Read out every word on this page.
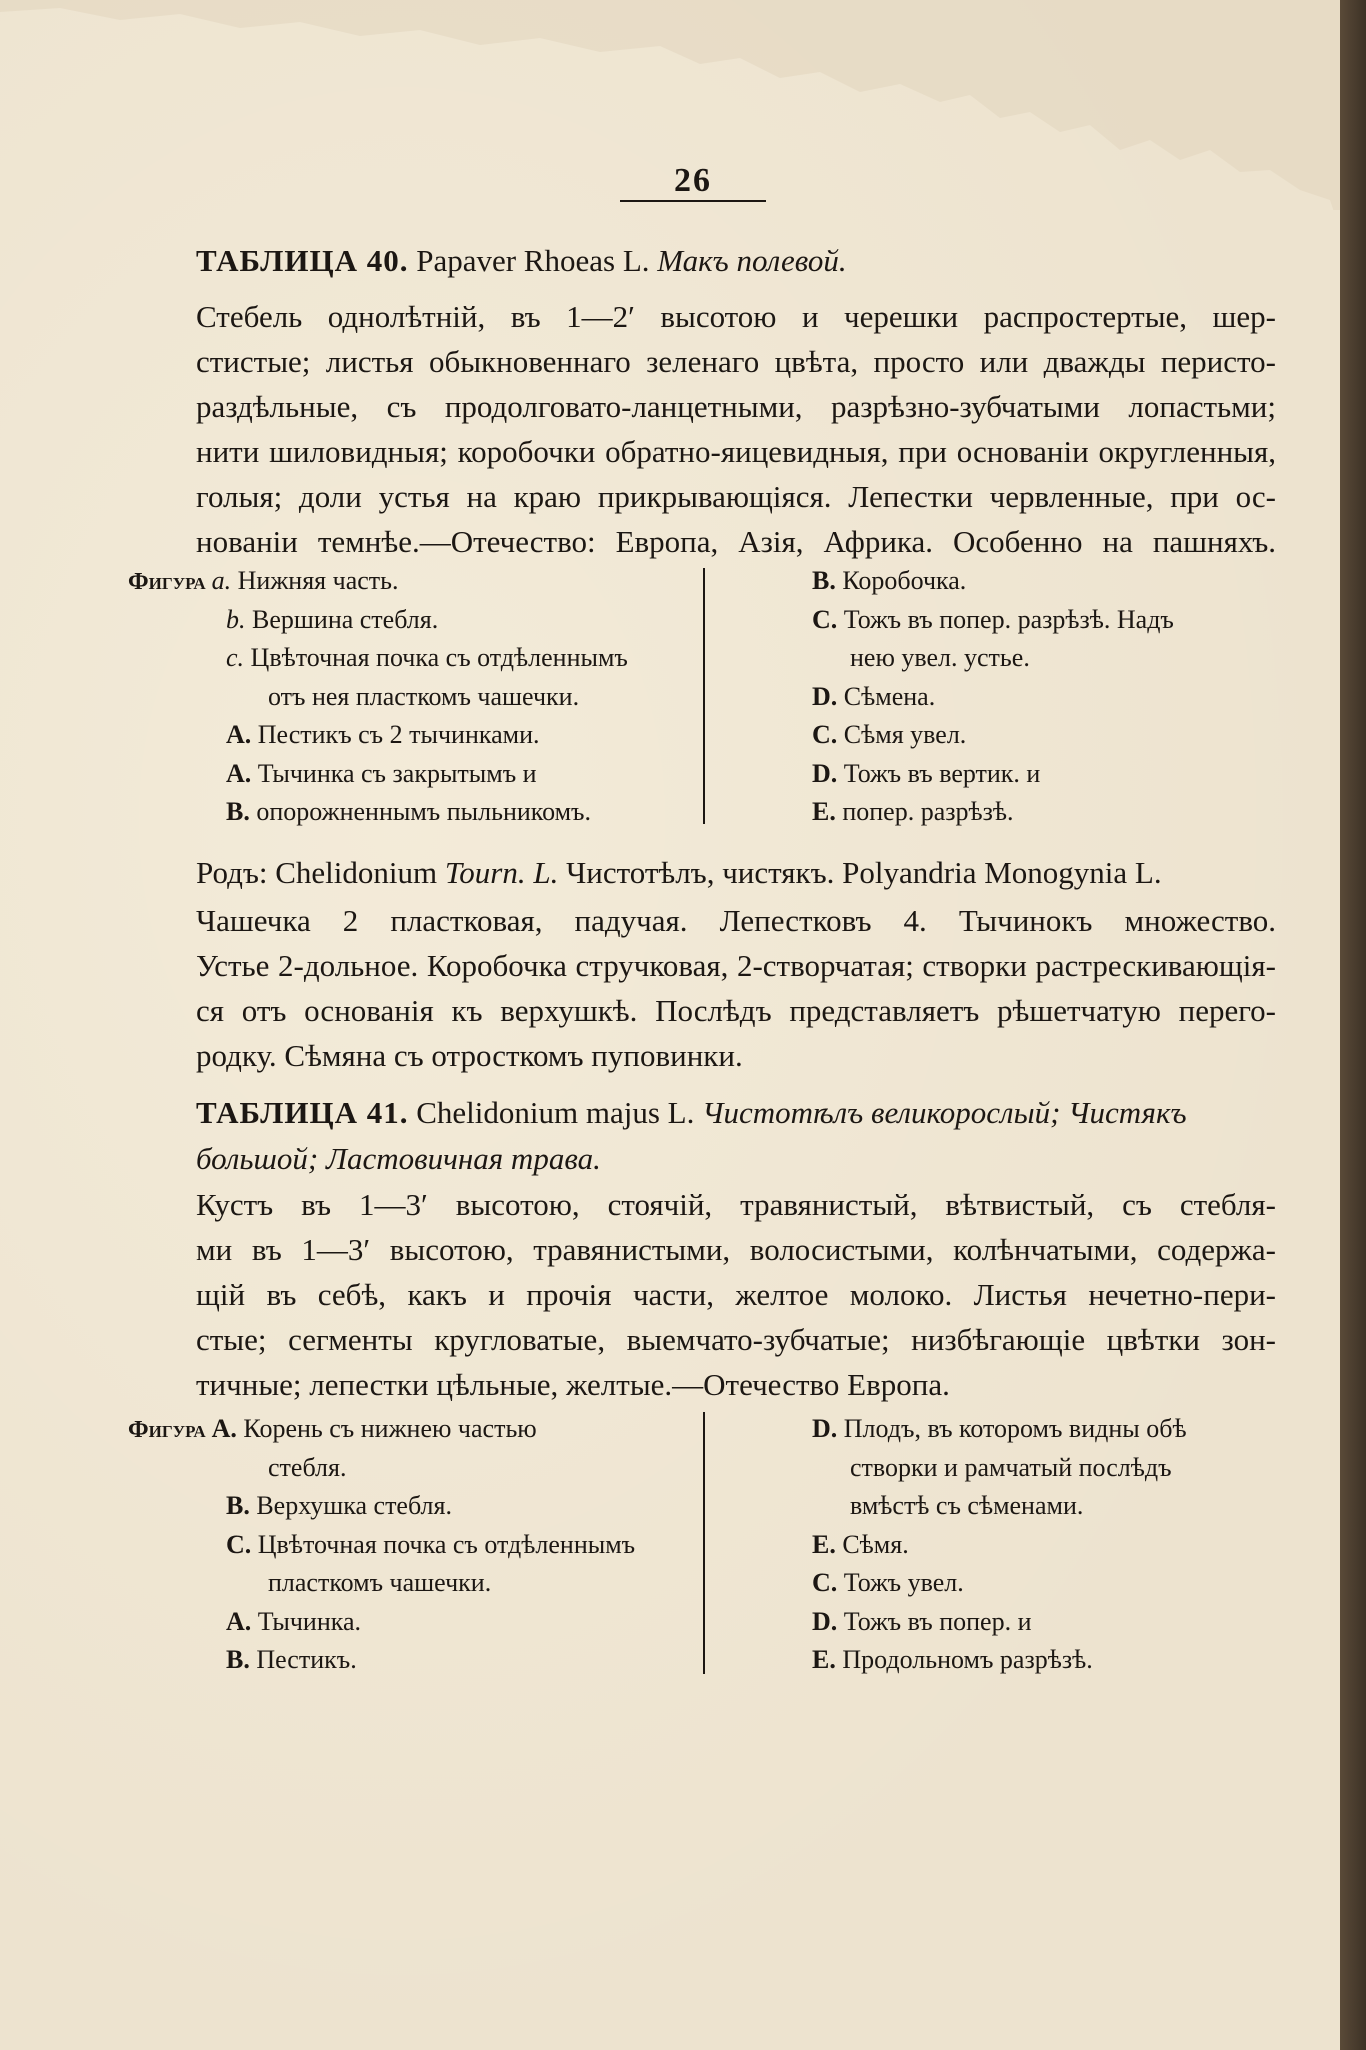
26
ТАБЛИЦА 40. Papaver Rhoeas L. Макъ полевой.
Стебель однолѣтній, въ 1—2′ высотою и черешки распростертые, шер-
стистые; листья обыкновеннаго зеленаго цвѣта, просто или дважды перисто-
раздѣльные, съ продолговато-ланцетными, разрѣзно-зубчатыми лопастьми;
нити шиловидныя; коробочки обратно-яицевидныя, при основаніи округленныя,
голыя; доли устья на краю прикрывающіяся. Лепестки червленные, при ос-
нованіи темнѣе.—Отечество: Европа, Азія, Африка. Особенно на пашняхъ.
Фигура a. Нижняя часть.
b. Вершина стебля.
c. Цвѣточная почка съ отдѣленнымъ
отъ нея пласткомъ чашечки.
A. Пестикъ съ 2 тычинками.
A. Тычинка съ закрытымъ и
B. опорожненнымъ пыльникомъ.
B. Коробочка.
C. Тожъ въ попер. разрѣзѣ. Надъ
нею увел. устье.
D. Сѣмена.
C. Сѣмя увел.
D. Тожъ въ вертик. и
E. попер. разрѣзѣ.
Родъ: Chelidonium Tourn. L. Чистотѣлъ, чистякъ. Polyandria Monogynia L.
Чашечка 2 пластковая, падучая. Лепестковъ 4. Тычинокъ множество.
Устье 2-дольное. Коробочка стручковая, 2-створчатая; створки растрескивающія-
ся отъ основанія къ верхушкѣ. Послѣдъ представляетъ рѣшетчатую перего-
родку. Сѣмяна съ отросткомъ пуповинки.
ТАБЛИЦА 41. Chelidonium majus L. Чистотѣлъ великорослый; Чистякъ
большой; Ластовичная трава.
Кустъ въ 1—3′ высотою, стоячій, травянистый, вѣтвистый, съ стебля-
ми въ 1—3′ высотою, травянистыми, волосистыми, колѣнчатыми, содержа-
щій въ себѣ, какъ и прочія части, желтое молоко. Листья нечетно-пери-
стые; сегменты кругловатые, выемчато-зубчатые; низбѣгающіе цвѣтки зон-
тичные; лепестки цѣльные, желтые.—Отечество Европа.
Фигура A. Корень съ нижнею частью
стебля.
B. Верхушка стебля.
C. Цвѣточная почка съ отдѣленнымъ
пласткомъ чашечки.
A. Тычинка.
B. Пестикъ.
D. Плодъ, въ которомъ видны обѣ
створки и рамчатый послѣдъ
вмѣстѣ съ сѣменами.
E. Сѣмя.
C. Тожъ увел.
D. Тожъ въ попер. и
E. Продольномъ разрѣзѣ.
